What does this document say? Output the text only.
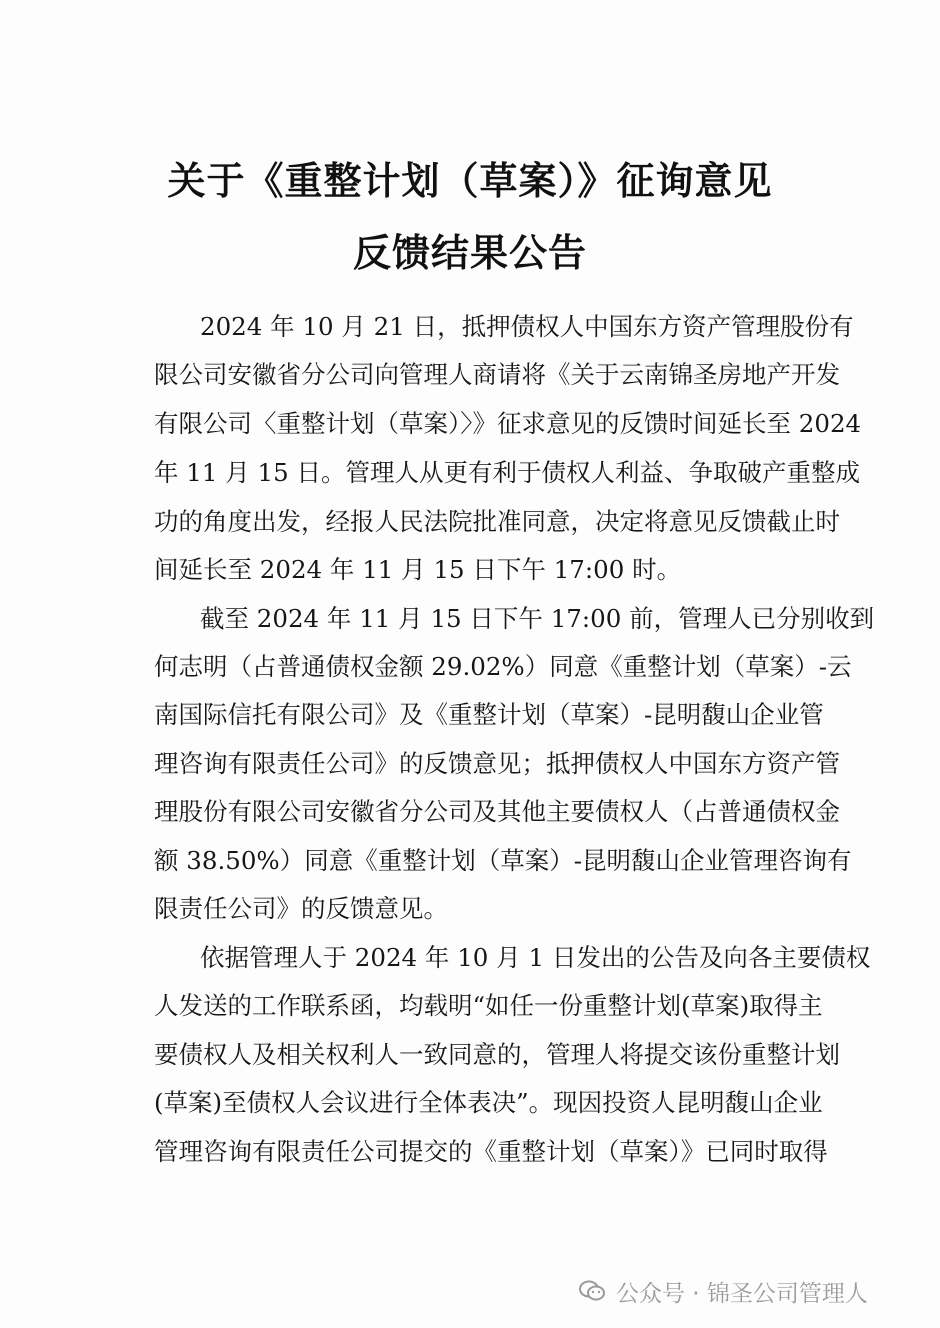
关于《重整计划（草案）》征询意见
反馈结果公告
2024 年 10 月 21 日，抵押债权人中国东方资产管理股份有
限公司安徽省分公司向管理人商请将《关于云南锦圣房地产开发
有限公司〈重整计划（草案）〉》征求意见的反馈时间延长至 2024
年 11 月 15 日。管理人从更有利于债权人利益、争取破产重整成
功的角度出发，经报人民法院批准同意，决定将意见反馈截止时
间延长至 2024 年 11 月 15 日下午 17:00 时。
截至 2024 年 11 月 15 日下午 17:00 前，管理人已分别收到
何志明（占普通债权金额 29.02%）同意《重整计划（草案）-云
南国际信托有限公司》及《重整计划（草案）-昆明馥山企业管
理咨询有限责任公司》的反馈意见；抵押债权人中国东方资产管
理股份有限公司安徽省分公司及其他主要债权人（占普通债权金
额 38.50%）同意《重整计划（草案）-昆明馥山企业管理咨询有
限责任公司》的反馈意见。
依据管理人于 2024 年 10 月 1 日发出的公告及向各主要债权
人发送的工作联系函，均载明“如任一份重整计划(草案)取得主
要债权人及相关权利人一致同意的，管理人将提交该份重整计划
(草案)至债权人会议进行全体表决”。现因投资人昆明馥山企业
管理咨询有限责任公司提交的《重整计划（草案）》已同时取得
公众号 · 锦圣公司管理人
